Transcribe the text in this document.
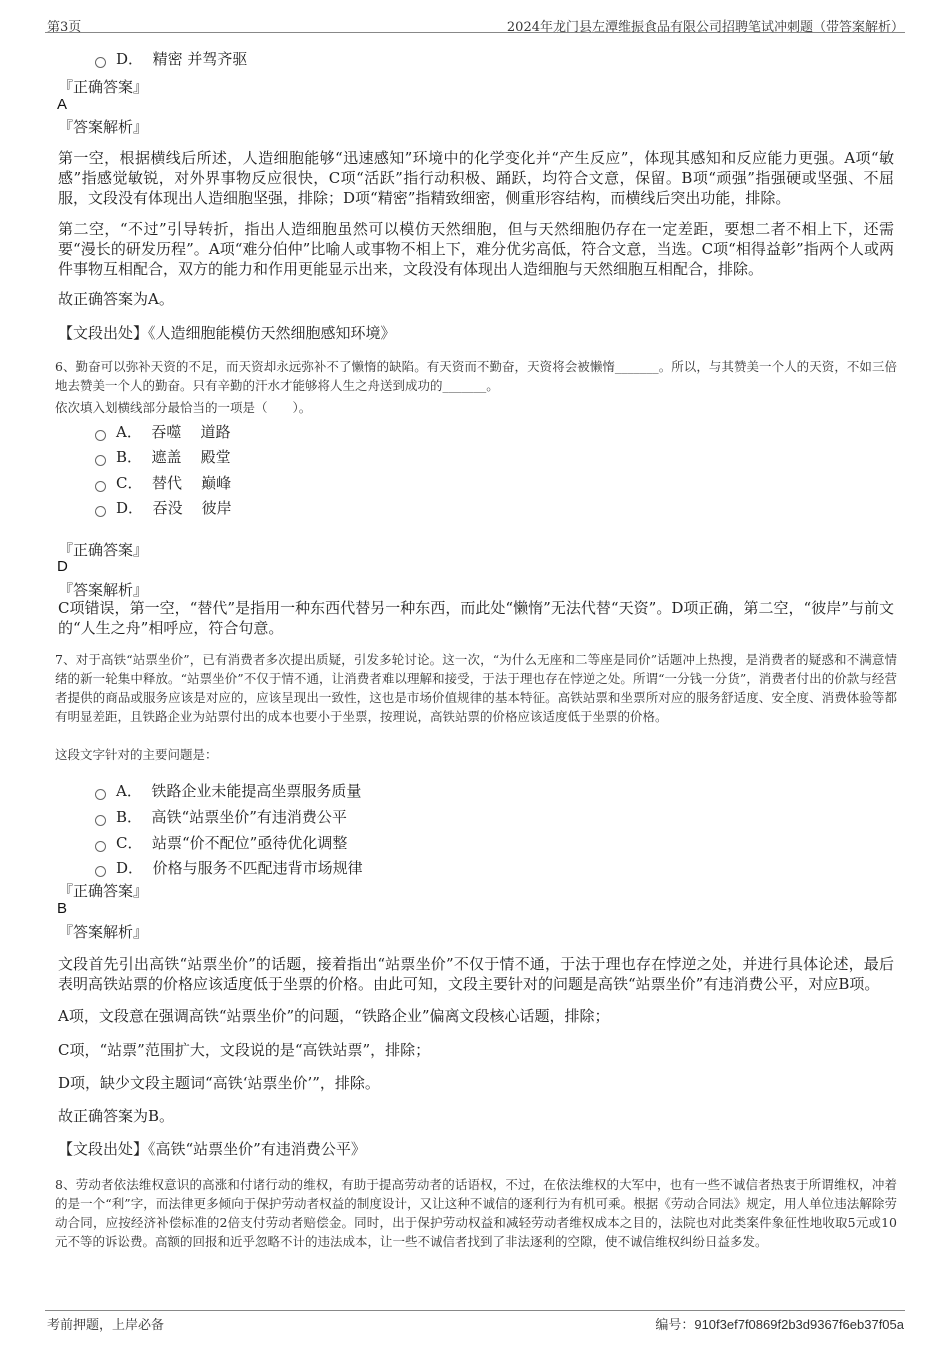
第3页	2024年龙门县左潭维振食品有限公司招聘笔试冲刺题（带答案解析）
D．  精密 并驾齐驱
『正确答案』
A
『答案解析』
第一空，根据横线后所述，人造细胞能够“迅速感知”环境中的化学变化并“产生反应”，体现其感知和反应能力更强。A项“敏感”指感觉敏锐，对外界事物反应很快，C项“活跃”指行动积极、踊跃，均符合文意，保留。B项“顽强”指强硬或坚强、不屈服，文段没有体现出人造细胞坚强，排除；D项“精密”指精致细密，侧重形容结构，而横线后突出功能，排除。
第二空，“不过”引导转折，指出人造细胞虽然可以模仿天然细胞，但与天然细胞仍存在一定差距，要想二者不相上下，还需要“漫长的研发历程”。A项“难分伯仲”比喻人或事物不相上下，难分优劣高低，符合文意，当选。C项“相得益彰”指两个人或两件事物互相配合，双方的能力和作用更能显示出来，文段没有体现出人造细胞与天然细胞互相配合，排除。
故正确答案为A。
【文段出处】《人造细胞能模仿天然细胞感知环境》
6、勤奋可以弥补天资的不足，而天资却永远弥补不了懒惰的缺陷。有天资而不勤奋，天资将会被懒惰_______。所以，与其赞美一个人的天资，不如三倍地去赞美一个人的勤奋。只有辛勤的汗水才能够将人生之舟送到成功的_______。
依次填入划横线部分最恰当的一项是（　　）。
A．  吞噬    道路
B．  遮盖    殿堂
C．  替代    巅峰
D．  吞没    彼岸
『正确答案』
D
『答案解析』
C项错误，第一空，“替代”是指用一种东西代替另一种东西，而此处“懒惰”无法代替“天资”。D项正确，第二空，“彼岸”与前文的“人生之舟”相呼应，符合句意。
7、对于高铁“站票坐价”，已有消费者多次提出质疑，引发多轮讨论。这一次，“为什么无座和二等座是同价”话题冲上热搜，是消费者的疑惑和不满意情绪的新一轮集中释放。“站票坐价”不仅于情不通，让消费者难以理解和接受，于法于理也存在悖逆之处。所谓“一分钱一分货”，消费者付出的价款与经营者提供的商品或服务应该是对应的，应该呈现出一致性，这也是市场价值规律的基本特征。高铁站票和坐票所对应的服务舒适度、安全度、消费体验等都有明显差距，且铁路企业为站票付出的成本也要小于坐票，按理说，高铁站票的价格应该适度低于坐票的价格。
这段文字针对的主要问题是：
A．  铁路企业未能提高坐票服务质量
B．  高铁“站票坐价”有违消费公平
C．  站票“价不配位”亟待优化调整
D．  价格与服务不匹配违背市场规律
『正确答案』
B
『答案解析』
文段首先引出高铁“站票坐价”的话题，接着指出“站票坐价”不仅于情不通，于法于理也存在悖逆之处，并进行具体论述，最后表明高铁站票的价格应该适度低于坐票的价格。由此可知，文段主要针对的问题是高铁“站票坐价”有违消费公平，对应B项。
A项，文段意在强调高铁“站票坐价”的问题，“铁路企业”偏离文段核心话题，排除；
C项，“站票”范围扩大，文段说的是“高铁站票”，排除；
D项，缺少文段主题词“高铁‘站票坐价’”，排除。
故正确答案为B。
【文段出处】《高铁“站票坐价”有违消费公平》
8、劳动者依法维权意识的高涨和付诸行动的维权，有助于提高劳动者的话语权，不过，在依法维权的大军中，也有一些不诚信者热衷于所谓维权，冲着的是一个“利”字，而法律更多倾向于保护劳动者权益的制度设计，又让这种不诚信的逐利行为有机可乘。根据《劳动合同法》规定，用人单位违法解除劳动合同，应按经济补偿标准的2倍支付劳动者赔偿金。同时，出于保护劳动权益和减轻劳动者维权成本之目的，法院也对此类案件象征性地收取5元或10元不等的诉讼费。高额的回报和近乎忽略不计的违法成本，让一些不诚信者找到了非法逐利的空隙，使不诚信维权纠纷日益多发。
考前押题，上岸必备	编号：910f3ef7f0869f2b3d9367f6eb37f05a
